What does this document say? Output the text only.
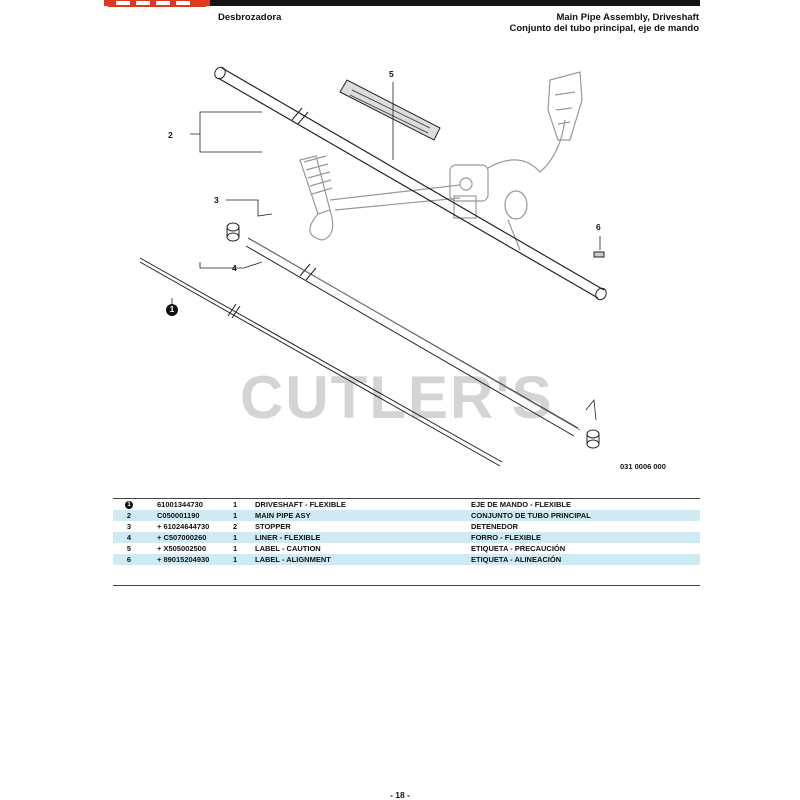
Desbrozadora	Main Pipe Assembly, Driveshaft
Conjunto del tubo principal, eje de mando
CUTLER'S
2
5
3
4
6
1
031 0006 000
1	61001344730	1	DRIVESHAFT - FLEXIBLE	EJE DE MANDO - FLEXIBLE
2	C050001190	1	MAIN PIPE ASY	CONJUNTO DE TUBO PRINCIPAL
3	+ 61024644730	2	STOPPER	DETENEDOR
4	+ C507000260	1	LINER - FLEXIBLE	FORRO - FLEXIBLE
5	+ X505002500	1	LABEL - CAUTION	ETIQUETA - PRECAUCIÓN
6	+ 89015204930	1	LABEL - ALIGNMENT	ETIQUETA - ALINEACIÓN
- 18 -
